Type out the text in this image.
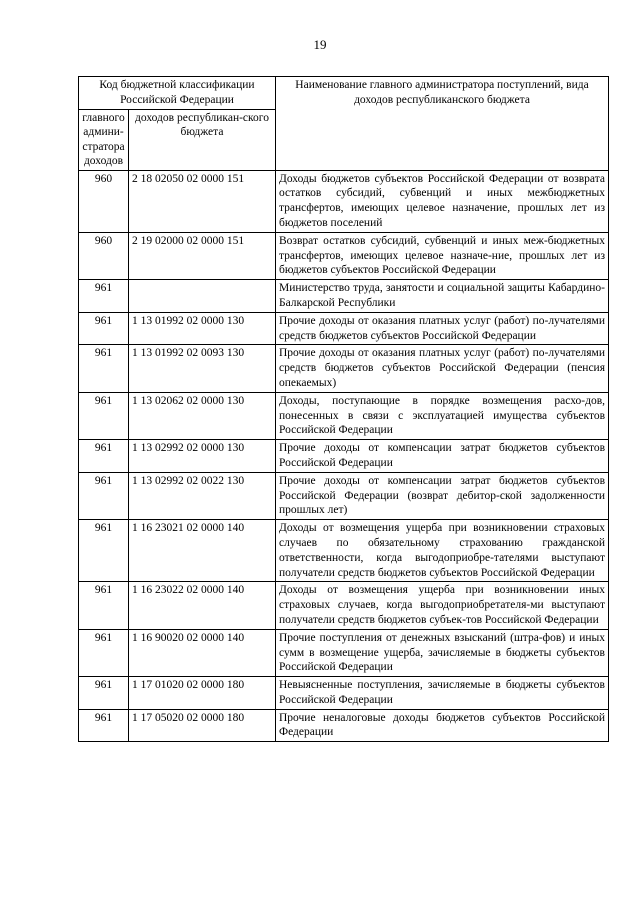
19
Код бюджетной классификации Российской Федерации		Наименование главного администратора поступлений, вида доходов республиканского бюджета
главного админи-стратора доходов	доходов республикан-ского бюджета	
960	2 18 02050 02 0000 151	Доходы бюджетов субъектов Российской Федерации от возврата остатков субсидий, субвенций и иных межбюджетных трансфертов, имеющих целевое назначение, прошлых лет из бюджетов поселений
960	2 19 02000 02 0000 151	Возврат остатков субсидий, субвенций и иных меж-бюджетных трансфертов, имеющих целевое назначе-ние, прошлых лет из бюджетов субъектов Российской Федерации
961		Министерство труда, занятости и социальной защиты Кабардино-Балкарской Республики
961	1 13 01992 02 0000 130	Прочие доходы от оказания платных услуг (работ) по-лучателями средств бюджетов субъектов Российской Федерации
961	1 13 01992 02 0093 130	Прочие доходы от оказания платных услуг (работ) по-лучателями средств бюджетов субъектов Российской Федерации (пенсия опекаемых)
961	1 13 02062 02 0000 130	Доходы, поступающие в порядке возмещения расхо-дов, понесенных в связи с эксплуатацией имущества субъектов Российской Федерации
961	1 13 02992 02 0000 130	Прочие доходы от компенсации затрат бюджетов субъектов Российской Федерации
961	1 13 02992 02 0022 130	Прочие доходы от компенсации затрат бюджетов субъектов Российской Федерации (возврат дебитор-ской задолженности прошлых лет)
961	1 16 23021 02 0000 140	Доходы от возмещения ущерба при возникновении страховых случаев по обязательному страхованию гражданской ответственности, когда выгодоприобре-тателями выступают получатели средств бюджетов субъектов Российской Федерации
961	1 16 23022 02 0000 140	Доходы от возмещения ущерба при возникновении иных страховых случаев, когда выгодоприобретателя-ми выступают получатели средств бюджетов субъек-тов Российской Федерации
961	1 16 90020 02 0000 140	Прочие поступления от денежных взысканий (штра-фов) и иных сумм в возмещение ущерба, зачисляемые в бюджеты субъектов Российской Федерации
961	1 17 01020 02 0000 180	Невыясненные поступления, зачисляемые в бюджеты субъектов Российской Федерации
961	1 17 05020 02 0000 180	Прочие неналоговые доходы бюджетов субъектов Российской Федерации
